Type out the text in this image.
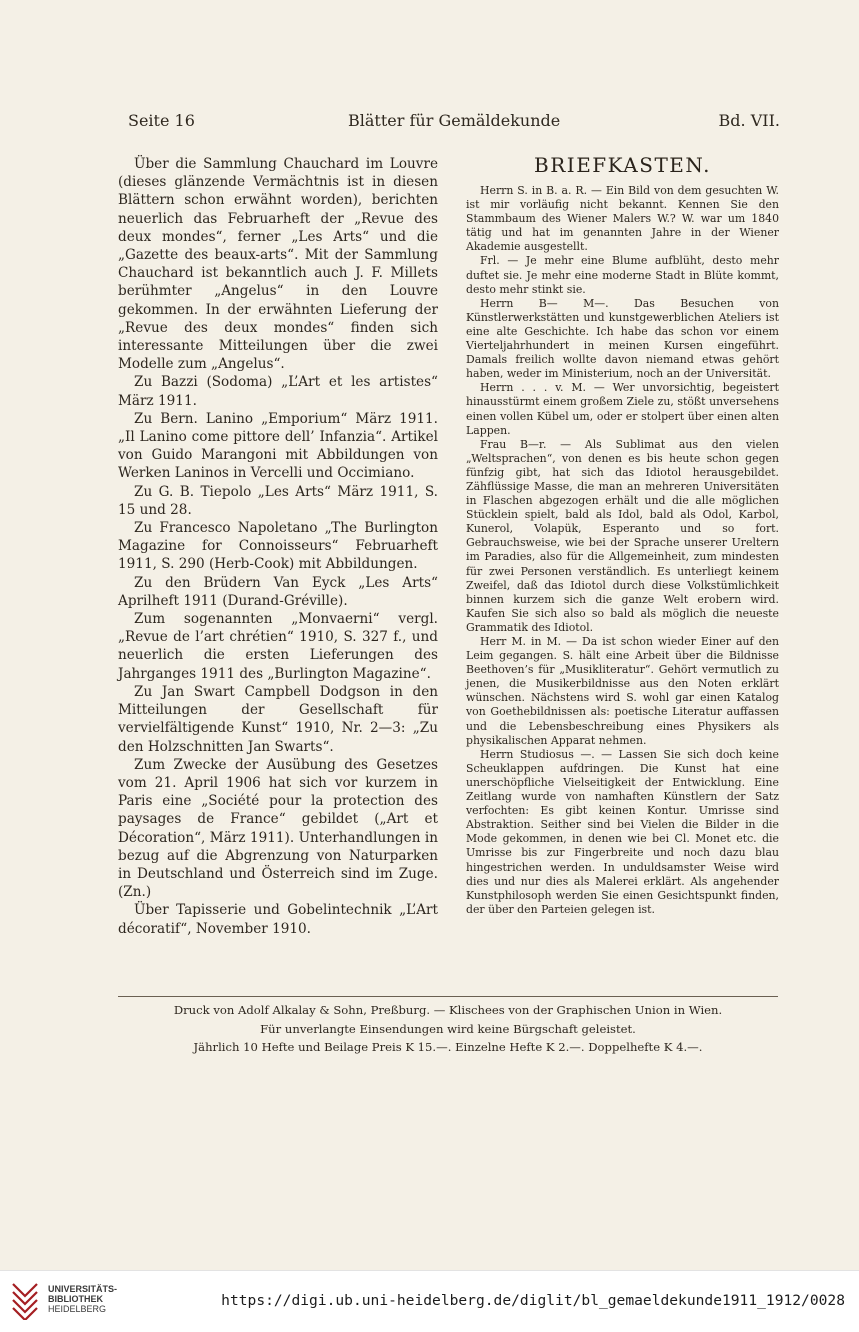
Seite 16	Blätter für Gemäldekunde	Bd. VII.

Über die Sammlung Chauchard im Louvre (dieses glänzende Vermächtnis ist in diesen Blättern schon erwähnt worden), berichten neuerlich das Februarheft der „Revue des deux mondes“, ferner „Les Arts“ und die „Gazette des beaux-arts“. Mit der Sammlung Chauchard ist bekanntlich auch J. F. Millets berühmter „Angelus“ in den Louvre gekommen. In der erwähnten Lieferung der „Revue des deux mondes“ finden sich interessante Mitteilungen über die zwei Modelle zum „Angelus“.

Zu Bazzi (Sodoma) „L’Art et les artistes“ März 1911.

Zu Bern. Lanino „Emporium“ März 1911. „Il Lanino come pittore dell’ Infanzia“. Artikel von Guido Marangoni mit Abbildungen von Werken Laninos in Vercelli und Occimiano.

Zu G. B. Tiepolo „Les Arts“ März 1911, S. 15 und 28.

Zu Francesco Napoletano „The Burlington Magazine for Connoisseurs“ Februarheft 1911, S. 290 (Herb-Cook) mit Abbildungen.

Zu den Brüdern Van Eyck „Les Arts“ Aprilheft 1911 (Durand-Gréville).

Zum sogenannten „Monvaerni“ vergl. „Revue de l’art chrétien“ 1910, S. 327 f., und neuerlich die ersten Lieferungen des Jahrganges 1911 des „Burlington Magazine“.

Zu Jan Swart Campbell Dodgson in den Mitteilungen der Gesellschaft für vervielfältigende Kunst“ 1910, Nr. 2—3: „Zu den Holzschnitten Jan Swarts“.

Zum Zwecke der Ausübung des Gesetzes vom 21. April 1906 hat sich vor kurzem in Paris eine „Société pour la protection des paysages de France“ gebildet („Art et Décoration“, März 1911). Unterhandlungen in bezug auf die Abgrenzung von Naturparken in Deutschland und Österreich sind im Zuge. (Zn.)

Über Tapisserie und Gobelintechnik „L’Art décoratif“, November 1910.

BRIEFKASTEN.

Herrn S. in B. a. R. — Ein Bild von dem gesuchten W. ist mir vorläufig nicht bekannt. Kennen Sie den Stammbaum des Wiener Malers W.? W. war um 1840 tätig und hat im genannten Jahre in der Wiener Akademie ausgestellt.

Frl. — Je mehr eine Blume aufblüht, desto mehr duftet sie. Je mehr eine moderne Stadt in Blüte kommt, desto mehr stinkt sie.

Herrn B— M—. Das Besuchen von Künstlerwerkstätten und kunstgewerblichen Ateliers ist eine alte Geschichte. Ich habe das schon vor einem Vierteljahrhundert in meinen Kursen eingeführt. Damals freilich wollte davon niemand etwas gehört haben, weder im Ministerium, noch an der Universität.

Herrn . . . v. M. — Wer unvorsichtig, begeistert hinausstürmt einem großem Ziele zu, stößt unversehens einen vollen Kübel um, oder er stolpert über einen alten Lappen.

Frau B—r. — Als Sublimat aus den vielen „Weltsprachen“, von denen es bis heute schon gegen fünfzig gibt, hat sich das Idiotol herausgebildet. Zähflüssige Masse, die man an mehreren Universitäten in Flaschen abgezogen erhält und die alle möglichen Stücklein spielt, bald als Idol, bald als Odol, Karbol, Kunerol, Volapük, Esperanto und so fort. Gebrauchsweise, wie bei der Sprache unserer Ureltern im Paradies, also für die Allgemeinheit, zum mindesten für zwei Personen verständlich. Es unterliegt keinem Zweifel, daß das Idiotol durch diese Volkstümlichkeit binnen kurzem sich die ganze Welt erobern wird. Kaufen Sie sich also so bald als möglich die neueste Grammatik des Idiotol.

Herr M. in M. — Da ist schon wieder Einer auf den Leim gegangen. S. hält eine Arbeit über die Bildnisse Beethoven’s für „Musikliteratur“. Gehört vermutlich zu jenen, die Musikerbildnisse aus den Noten erklärt wünschen. Nächstens wird S. wohl gar einen Katalog von Goethebildnissen als: poetische Literatur auffassen und die Lebensbeschreibung eines Physikers als physikalischen Apparat nehmen.

Herrn Studiosus —. — Lassen Sie sich doch keine Scheuklappen aufdringen. Die Kunst hat eine unerschöpfliche Vielseitigkeit der Entwicklung. Eine Zeitlang wurde von namhaften Künstlern der Satz verfochten: Es gibt keinen Kontur. Umrisse sind Abstraktion. Seither sind bei Vielen die Bilder in die Mode gekommen, in denen wie bei Cl. Monet etc. die Umrisse bis zur Fingerbreite und noch dazu blau hingestrichen werden. In unduldsamster Weise wird dies und nur dies als Malerei erklärt. Als angehender Kunstphilosoph werden Sie einen Gesichtspunkt finden, der über den Parteien gelegen ist.

Druck von Adolf Alkalay & Sohn, Preßburg. — Klischees von der Graphischen Union in Wien.
Für unverlangte Einsendungen wird keine Bürgschaft geleistet.
Jährlich 10 Hefte und Beilage Preis K 15.—. Einzelne Hefte K 2.—. Doppelhefte K 4.—.
UNIVERSITÄTS-
BIBLIOTHEK
HEIDELBERG	https://digi.ub.uni-heidelberg.de/diglit/bl_gemaeldekunde1911_1912/0028
